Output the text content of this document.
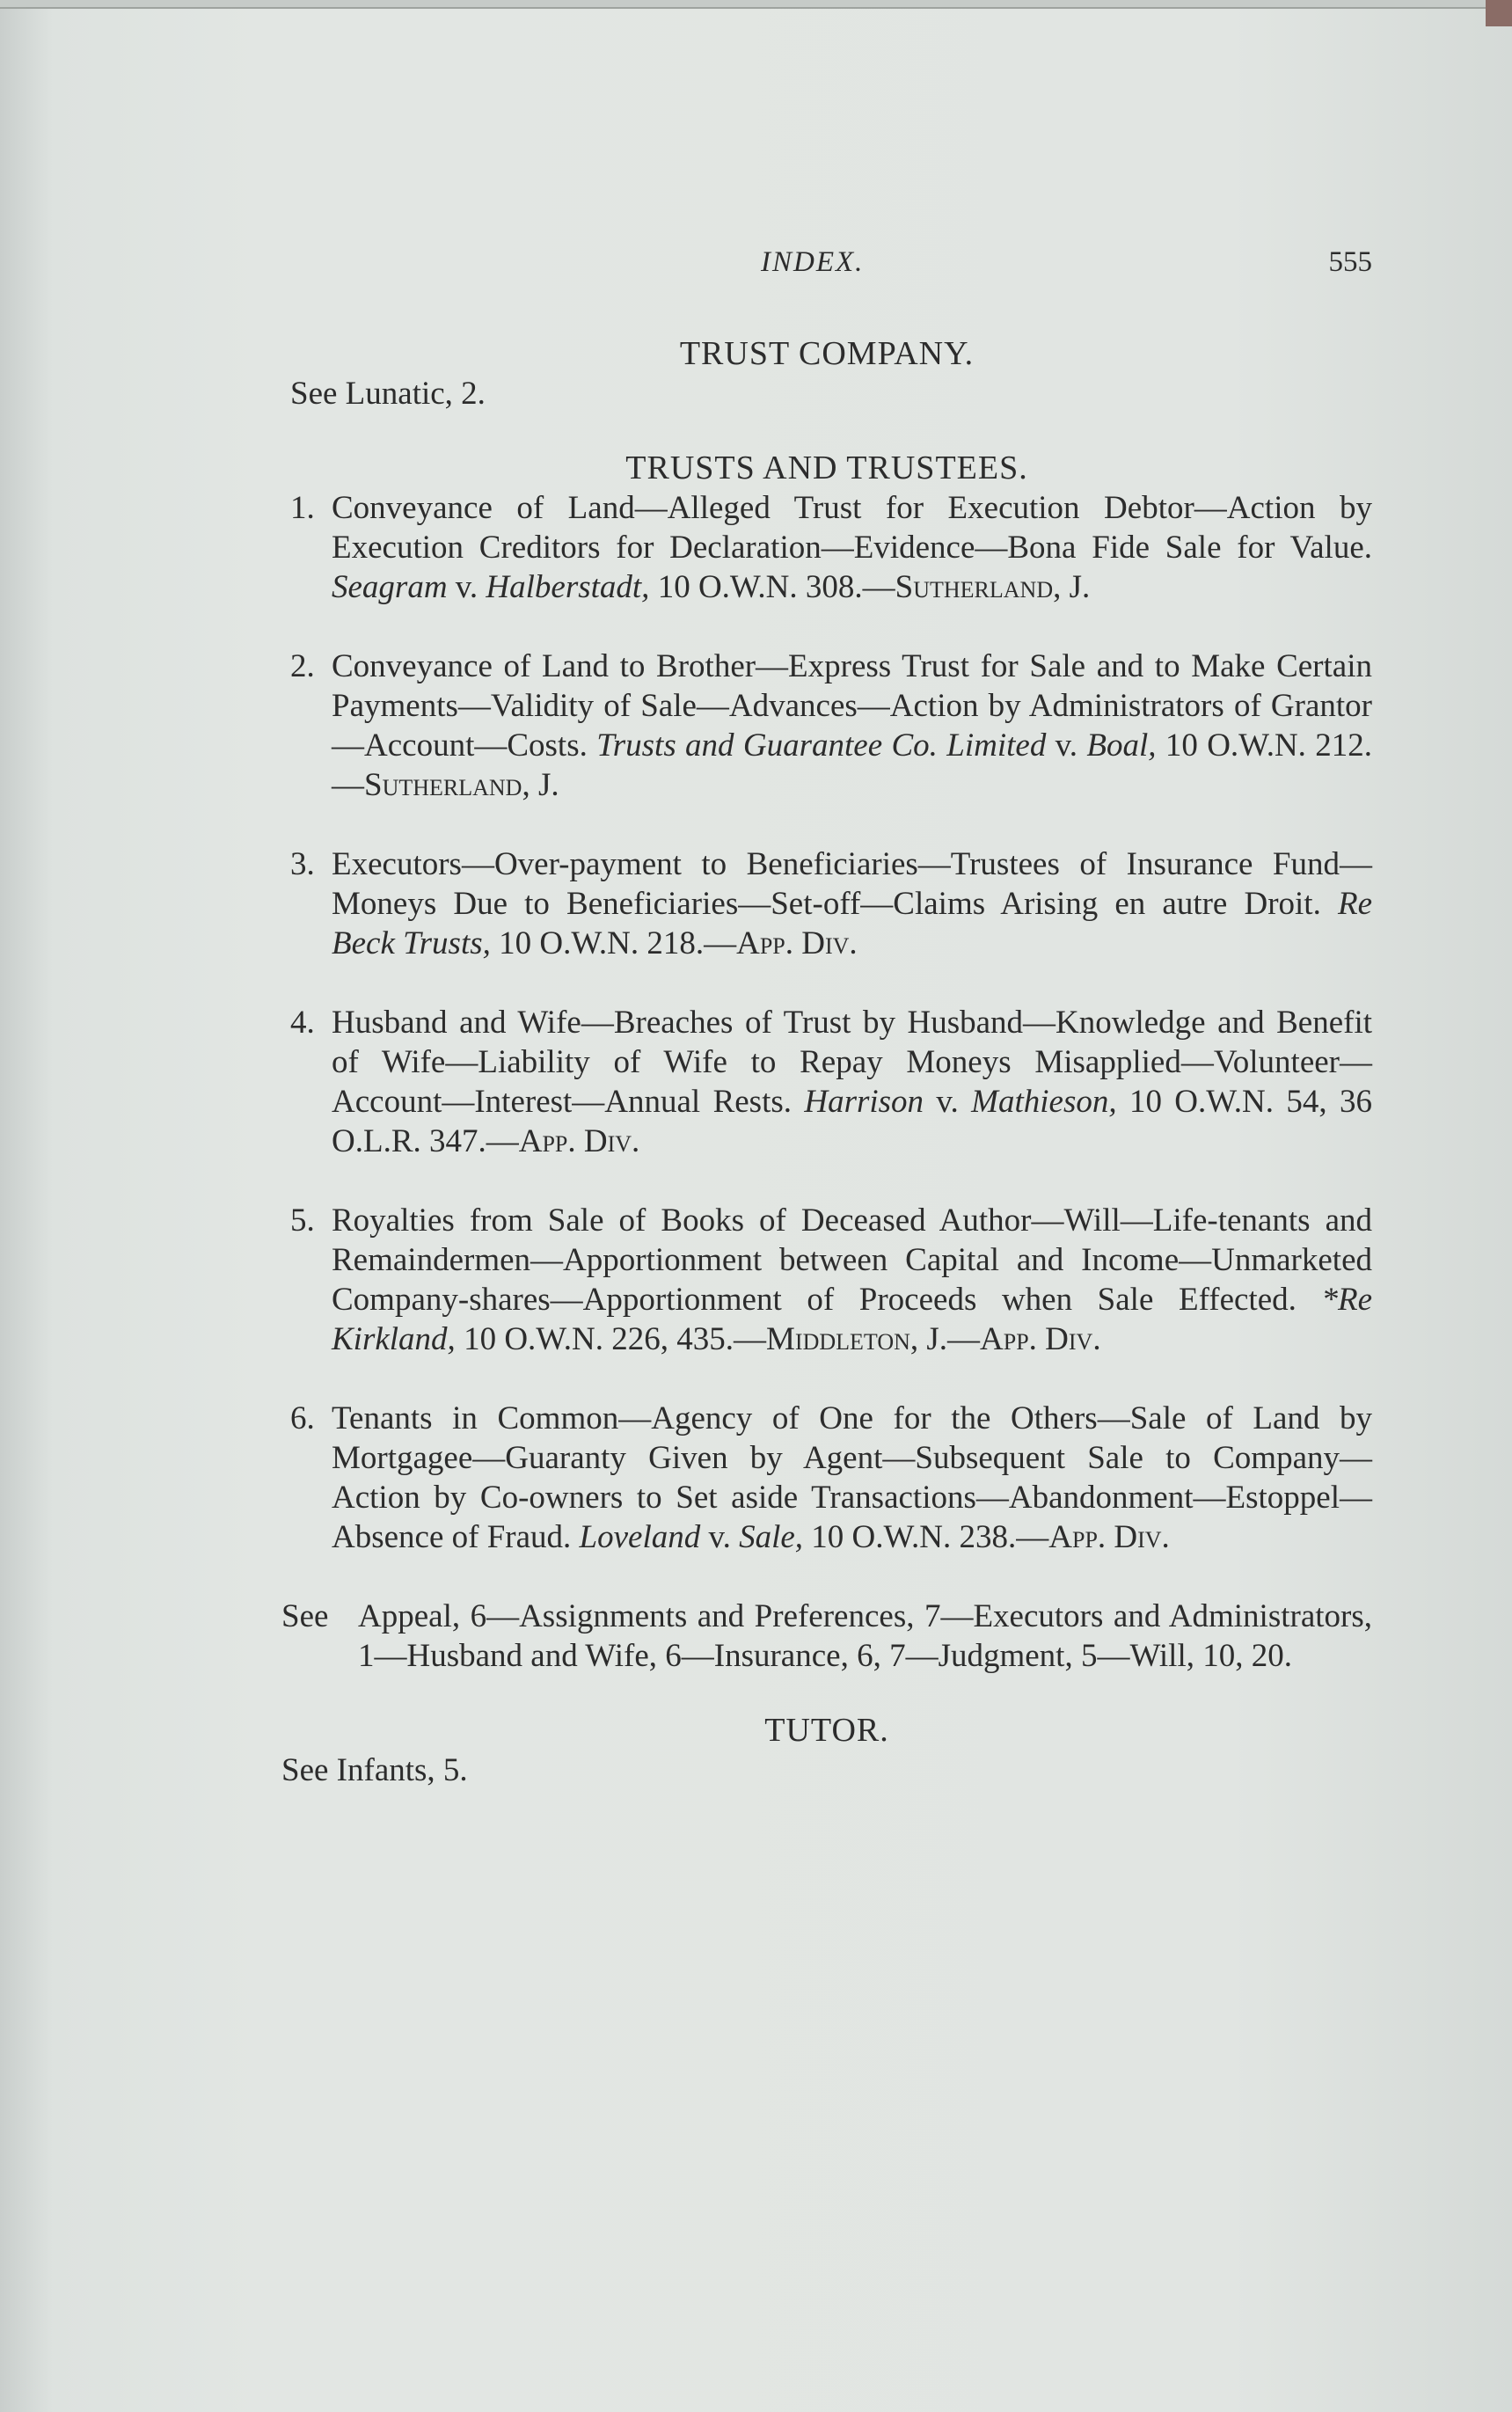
INDEX.	555
TRUST COMPANY.
See Lunatic, 2.
TRUSTS AND TRUSTEES.
1. Conveyance of Land—Alleged Trust for Execution Debtor—Action by Execution Creditors for Declaration—Evidence—Bona Fide Sale for Value. Seagram v. Halberstadt, 10 O.W.N. 308.—Sutherland, J.
2. Conveyance of Land to Brother—Express Trust for Sale and to Make Certain Payments—Validity of Sale—Advances—Action by Administrators of Grantor—Account—Costs. Trusts and Guarantee Co. Limited v. Boal, 10 O.W.N. 212.—Sutherland, J.
3. Executors—Over-payment to Beneficiaries—Trustees of Insurance Fund—Moneys Due to Beneficiaries—Set-off—Claims Arising en autre Droit. Re Beck Trusts, 10 O.W.N. 218.—App. Div.
4. Husband and Wife—Breaches of Trust by Husband—Knowledge and Benefit of Wife—Liability of Wife to Repay Moneys Misapplied—Volunteer—Account—Interest—Annual Rests. Harrison v. Mathieson, 10 O.W.N. 54, 36 O.L.R. 347.—App. Div.
5. Royalties from Sale of Books of Deceased Author—Will—Life-tenants and Remaindermen—Apportionment between Capital and Income—Unmarketed Company-shares—Apportionment of Proceeds when Sale Effected. *Re Kirkland, 10 O.W.N. 226, 435.—Middleton, J.—App. Div.
6. Tenants in Common—Agency of One for the Others—Sale of Land by Mortgagee—Guaranty Given by Agent—Subsequent Sale to Company—Action by Co-owners to Set aside Transactions—Abandonment—Estoppel—Absence of Fraud. Loveland v. Sale, 10 O.W.N. 238.—App. Div.
See Appeal, 6—Assignments and Preferences, 7—Executors and Administrators, 1—Husband and Wife, 6—Insurance, 6, 7—Judgment, 5—Will, 10, 20.
TUTOR.
See Infants, 5.
